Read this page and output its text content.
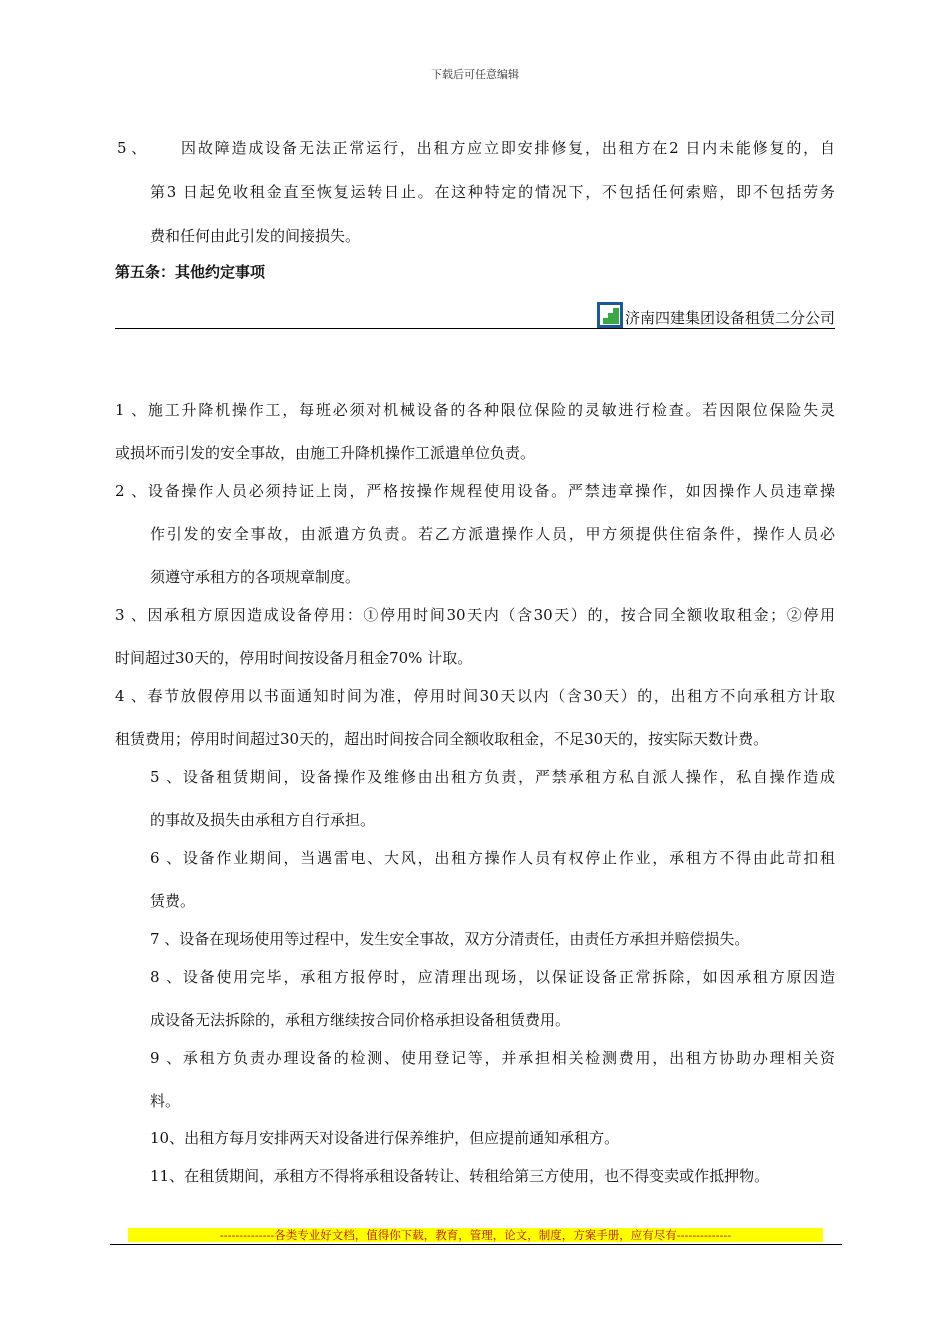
下载后可任意编辑
5 、 因故障造成设备无法正常运行，出租方应立即安排修复，出租方在2 日内未能修复的，自
第3 日起免收租金直至恢复运转日止。在这种特定的情况下，不包括任何索赔，即不包括劳务
费和任何由此引发的间接损失。
第五条：其他约定事项
济南四建集团设备租赁二分公司
1 、施工升降机操作工，每班必须对机械设备的各种限位保险的灵敏进行检查。若因限位保险失灵
或损坏而引发的安全事故，由施工升降机操作工派遣单位负责。
2 、设备操作人员必须持证上岗，严格按操作规程使用设备。严禁违章操作，如因操作人员违章操
作引发的安全事故，由派遣方负责。若乙方派遣操作人员，甲方须提供住宿条件，操作人员必
须遵守承租方的各项规章制度。
3 、因承租方原因造成设备停用：①停用时间30天内（含30天）的，按合同全额收取租金；②停用
时间超过30天的，停用时间按设备月租金70% 计取。
4 、春节放假停用以书面通知时间为准，停用时间30天以内（含30天）的，出租方不向承租方计取
租赁费用；停用时间超过30天的，超出时间按合同全额收取租金，不足30天的，按实际天数计费。
5 、设备租赁期间，设备操作及维修由出租方负责，严禁承租方私自派人操作，私自操作造成
的事故及损失由承租方自行承担。
6 、设备作业期间，当遇雷电、大风，出租方操作人员有权停止作业，承租方不得由此苛扣租
赁费。
7 、设备在现场使用等过程中，发生安全事故，双方分清责任，由责任方承担并赔偿损失。
8 、设备使用完毕，承租方报停时，应清理出现场，以保证设备正常拆除，如因承租方原因造
成设备无法拆除的，承租方继续按合同价格承担设备租赁费用。
9 、承租方负责办理设备的检测、使用登记等，并承担相关检测费用，出租方协助办理相关资
料。
10、出租方每月安排两天对设备进行保养维护，但应提前通知承租方。
11、在租赁期间，承租方不得将承租设备转让、转租给第三方使用，也不得变卖或作抵押物。
--------------各类专业好文档，值得你下载，教育，管理，论文，制度，方案手册，应有尽有--------------
